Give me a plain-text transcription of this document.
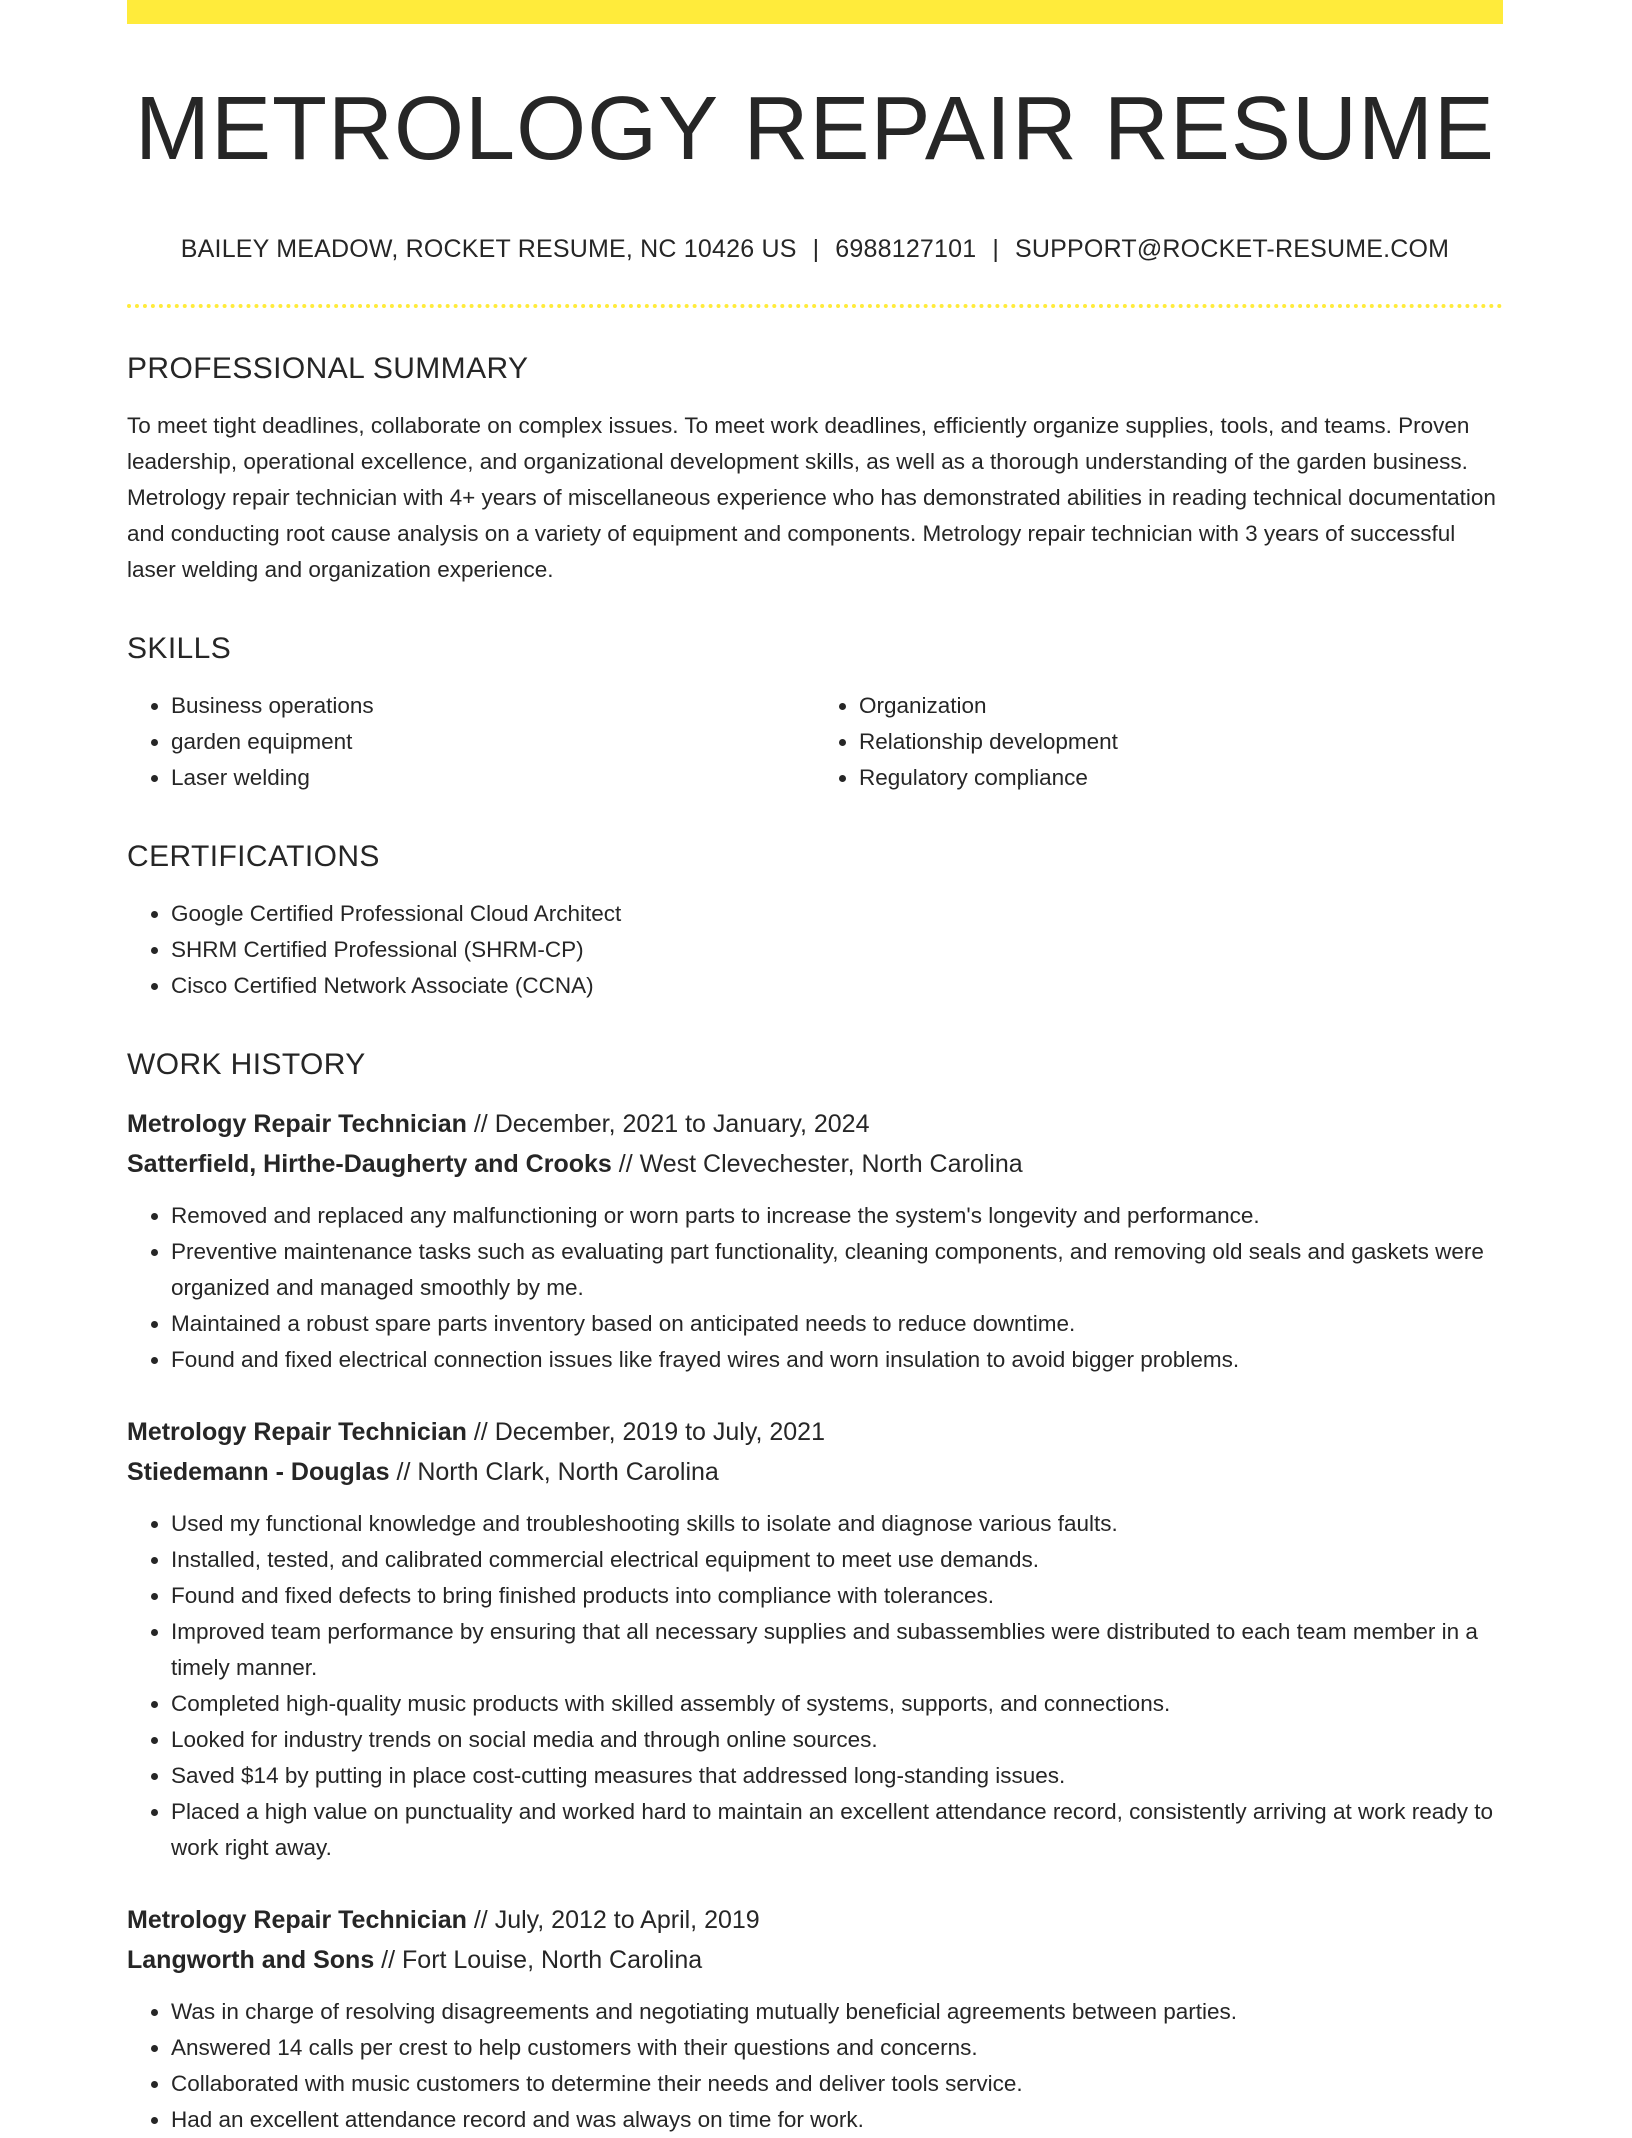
METROLOGY REPAIR RESUME
BAILEY MEADOW, ROCKET RESUME, NC 10426 US | 6988127101 | SUPPORT@ROCKET-RESUME.COM
PROFESSIONAL SUMMARY
To meet tight deadlines, collaborate on complex issues. To meet work deadlines, efficiently organize supplies, tools, and teams. Proven leadership, operational excellence, and organizational development skills, as well as a thorough understanding of the garden business. Metrology repair technician with 4+ years of miscellaneous experience who has demonstrated abilities in reading technical documentation and conducting root cause analysis on a variety of equipment and components. Metrology repair technician with 3 years of successful laser welding and organization experience.
SKILLS
• Business operations
• garden equipment
• Laser welding
• Organization
• Relationship development
• Regulatory compliance
CERTIFICATIONS
• Google Certified Professional Cloud Architect
• SHRM Certified Professional (SHRM-CP)
• Cisco Certified Network Associate (CCNA)
WORK HISTORY
Metrology Repair Technician // December, 2021 to January, 2024
Satterfield, Hirthe-Daugherty and Crooks // West Clevechester, North Carolina
• Removed and replaced any malfunctioning or worn parts to increase the system's longevity and performance.
• Preventive maintenance tasks such as evaluating part functionality, cleaning components, and removing old seals and gaskets were organized and managed smoothly by me.
• Maintained a robust spare parts inventory based on anticipated needs to reduce downtime.
• Found and fixed electrical connection issues like frayed wires and worn insulation to avoid bigger problems.
Metrology Repair Technician // December, 2019 to July, 2021
Stiedemann - Douglas // North Clark, North Carolina
• Used my functional knowledge and troubleshooting skills to isolate and diagnose various faults.
• Installed, tested, and calibrated commercial electrical equipment to meet use demands.
• Found and fixed defects to bring finished products into compliance with tolerances.
• Improved team performance by ensuring that all necessary supplies and subassemblies were distributed to each team member in a timely manner.
• Completed high-quality music products with skilled assembly of systems, supports, and connections.
• Looked for industry trends on social media and through online sources.
• Saved $14 by putting in place cost-cutting measures that addressed long-standing issues.
• Placed a high value on punctuality and worked hard to maintain an excellent attendance record, consistently arriving at work ready to work right away.
Metrology Repair Technician // July, 2012 to April, 2019
Langworth and Sons // Fort Louise, North Carolina
• Was in charge of resolving disagreements and negotiating mutually beneficial agreements between parties.
• Answered 14 calls per crest to help customers with their questions and concerns.
• Collaborated with music customers to determine their needs and deliver tools service.
• Had an excellent attendance record and was always on time for work.
